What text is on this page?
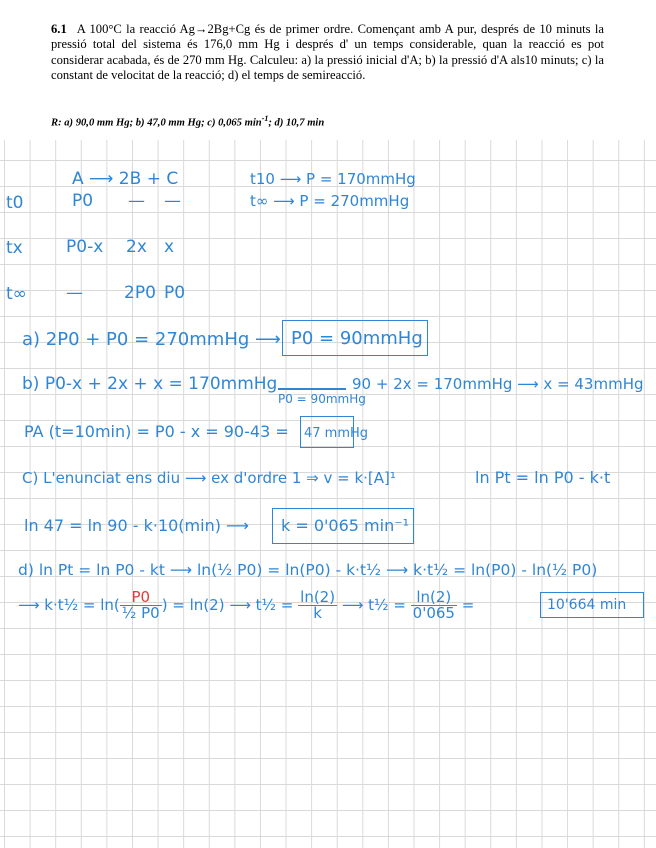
6.1 A 100°C la reacció Ag→2Bg+Cg és de primer ordre. Començant amb A pur, després de 10 minuts la pressió total del sistema és 176,0 mm Hg i després d' un temps considerable, quan la reacció es pot considerar acabada, és de 270 mm Hg. Calculeu: a) la pressió inicial d'A; b) la pressió d'A als10 minuts; c) la constant de velocitat de la reacció; d) el temps de semireacció.
R: a) 90,0 mm Hg; b) 47,0 mm Hg; c) 0,065 $\min^{-1}$; d) 10,7 min
A ⟶ 2B + C	t10 ⟶ P = 170mmHg
t∞ ⟶ P = 270mmHg
t0	P0 — —
tx	P0-x 2x x
t∞ — 2P0 P0
a) 2P0 + P0 = 270mmHg ⟶ P0 = 90mmHg
b) P0-x + 2x + x = 170mmHg
P0 = 90mmHg
90 + 2x = 170mmHg ⟶ x = 43mmHg
PA (t=10min) = P0 - x = 90-43 = 47 mmHg
C) L'enunciat ens diu ⟶ ex d'ordre 1 ⇒ v = k·[A]¹	ln Pt = ln P0 - k·t
ln 47 = ln 90 - k·10(min) ⟶ k = 0'065 min⁻¹
d) ln Pt = ln P0 - kt ⟶ ln(½ P0) = ln(P0) - k·t½ ⟶ k·t½ = ln(P0) - ln(½ P0)
⟶ k·t½ = $\ln( \frac{P0}{\text{½ P0}}$ ) = ln(2) ⟶ t½ = $\frac{\ln(2)}{k}$ ⟶ t½ = $\frac{\ln(2)}{0'065}$ =	10'664 min
